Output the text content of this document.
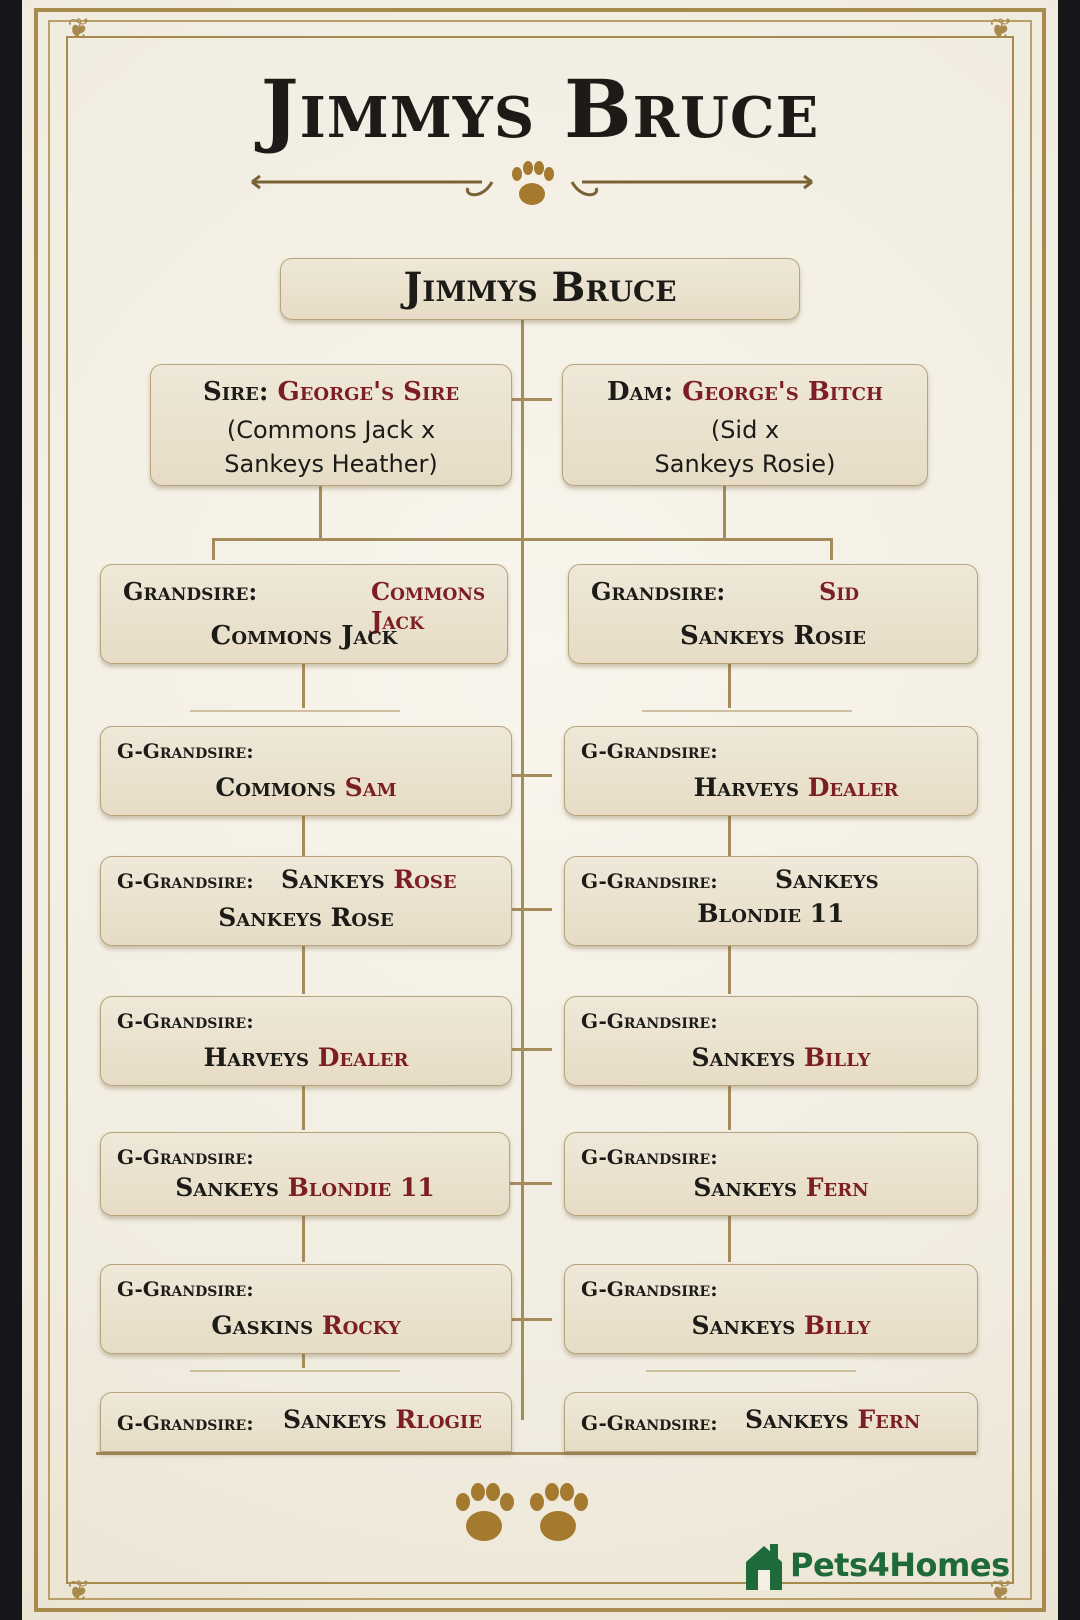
❦	❦
❦	❦
Jimmys Bruce
Jimmys Bruce
Sire: George's Sire
(Commons Jack x
Sankeys Heather)
Dam: George's Bitch
(Sid x
Sankeys Rosie)
Grandsire:	Commons Jack
Commons Jack
Grandsire:	Sid
Sankeys Rosie
G-Grandsire:
Commons Sam
G-Grandsire: Sankeys Rose
Sankeys Rose
G-Grandsire:
Harveys Dealer
G-Grandsire:
Sankeys Blondie 11
G-Grandsire:
Gaskins Rocky
G-Grandsire: Sankeys Rlogie
G-Grandsire:
Harveys Dealer
G-Grandsire: Sankeys
Blondie 11
G-Grandsire:
Sankeys Billy
G-Grandsire:
Sankeys Fern
G-Grandsire:
Sankeys Billy
G-Grandsire: Sankeys Fern
Pets4Homes
